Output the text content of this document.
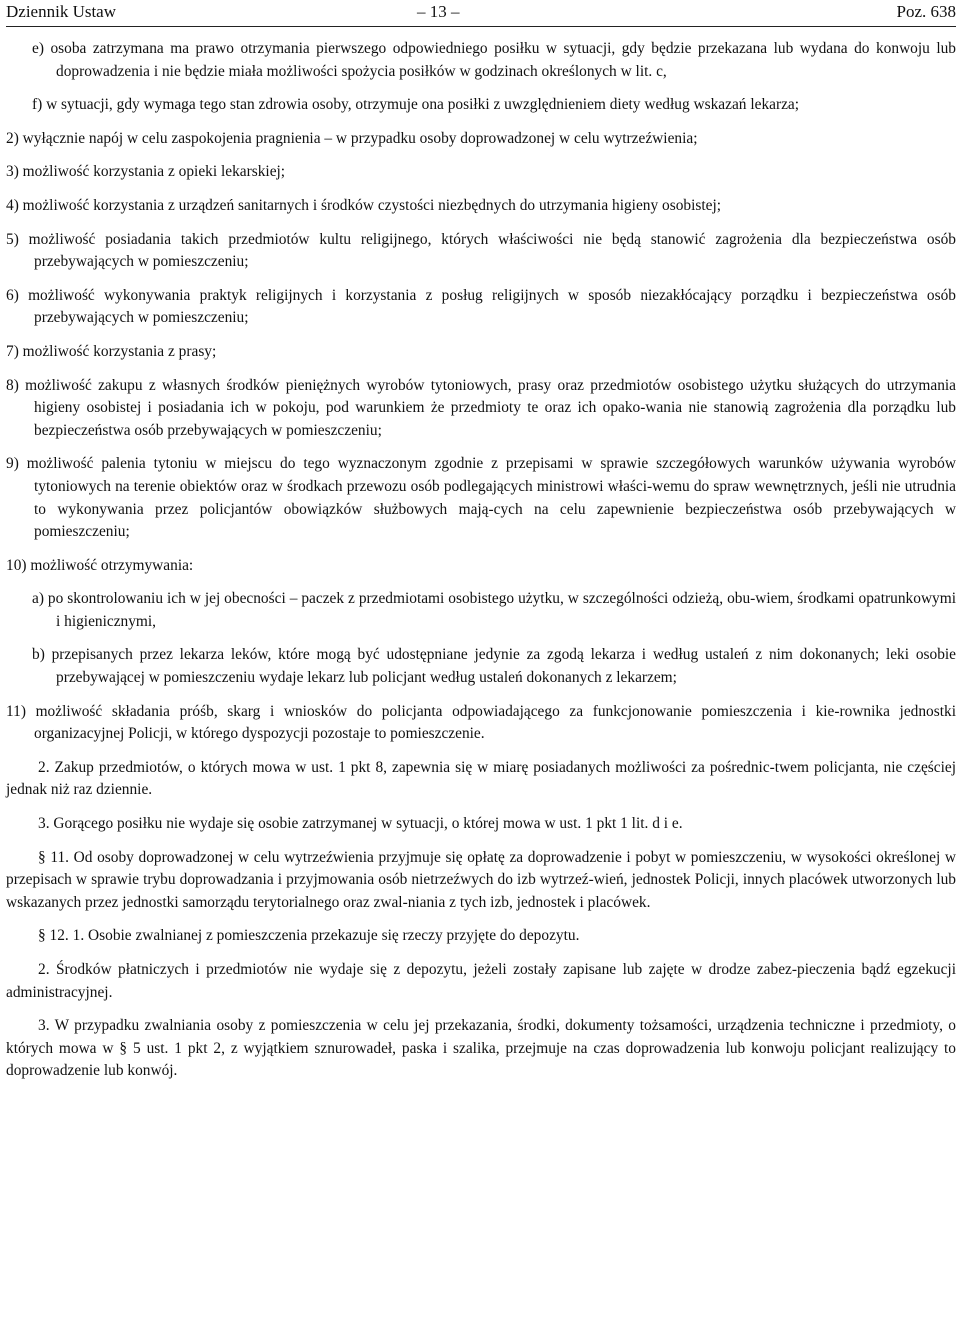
Dziennik Ustaw	– 13 –	Poz. 638

e) osoba zatrzymana ma prawo otrzymania pierwszego odpowiedniego posiłku w sytuacji, gdy będzie przekazana lub wydana do konwoju lub doprowadzenia i nie będzie miała możliwości spożycia posiłków w godzinach określonych w lit. c,

f) w sytuacji, gdy wymaga tego stan zdrowia osoby, otrzymuje ona posiłki z uwzględnieniem diety według wskazań lekarza;

2) wyłącznie napój w celu zaspokojenia pragnienia – w przypadku osoby doprowadzonej w celu wytrzeźwienia;

3) możliwość korzystania z opieki lekarskiej;

4) możliwość korzystania z urządzeń sanitarnych i środków czystości niezbędnych do utrzymania higieny osobistej;

5) możliwość posiadania takich przedmiotów kultu religijnego, których właściwości nie będą stanowić zagrożenia dla bezpieczeństwa osób przebywających w pomieszczeniu;

6) możliwość wykonywania praktyk religijnych i korzystania z posług religijnych w sposób niezakłócający porządku i bezpieczeństwa osób przebywających w pomieszczeniu;

7) możliwość korzystania z prasy;

8) możliwość zakupu z własnych środków pieniężnych wyrobów tytoniowych, prasy oraz przedmiotów osobistego użytku służących do utrzymania higieny osobistej i posiadania ich w pokoju, pod warunkiem że przedmioty te oraz ich opako-wania nie stanowią zagrożenia dla porządku lub bezpieczeństwa osób przebywających w pomieszczeniu;

9) możliwość palenia tytoniu w miejscu do tego wyznaczonym zgodnie z przepisami w sprawie szczegółowych warunków używania wyrobów tytoniowych na terenie obiektów oraz w środkach przewozu osób podlegających ministrowi właści-wemu do spraw wewnętrznych, jeśli nie utrudnia to wykonywania przez policjantów obowiązków służbowych mają-cych na celu zapewnienie bezpieczeństwa osób przebywających w pomieszczeniu;

10) możliwość otrzymywania:

a) po skontrolowaniu ich w jej obecności – paczek z przedmiotami osobistego użytku, w szczególności odzieżą, obu-wiem, środkami opatrunkowymi i higienicznymi,

b) przepisanych przez lekarza leków, które mogą być udostępniane jedynie za zgodą lekarza i według ustaleń z nim dokonanych; leki osobie przebywającej w pomieszczeniu wydaje lekarz lub policjant według ustaleń dokonanych z lekarzem;

11) możliwość składania próśb, skarg i wniosków do policjanta odpowiadającego za funkcjonowanie pomieszczenia i kie-rownika jednostki organizacyjnej Policji, w którego dyspozycji pozostaje to pomieszczenie.

2. Zakup przedmiotów, o których mowa w ust. 1 pkt 8, zapewnia się w miarę posiadanych możliwości za pośrednic-twem policjanta, nie częściej jednak niż raz dziennie.

3. Gorącego posiłku nie wydaje się osobie zatrzymanej w sytuacji, o której mowa w ust. 1 pkt 1 lit. d i e.

§ 11. Od osoby doprowadzonej w celu wytrzeźwienia przyjmuje się opłatę za doprowadzenie i pobyt w pomieszczeniu, w wysokości określonej w przepisach w sprawie trybu doprowadzania i przyjmowania osób nietrzeźwych do izb wytrzeź-wień, jednostek Policji, innych placówek utworzonych lub wskazanych przez jednostki samorządu terytorialnego oraz zwal-niania z tych izb, jednostek i placówek.

§ 12. 1. Osobie zwalnianej z pomieszczenia przekazuje się rzeczy przyjęte do depozytu.

2. Środków płatniczych i przedmiotów nie wydaje się z depozytu, jeżeli zostały zapisane lub zajęte w drodze zabez-pieczenia bądź egzekucji administracyjnej.

3. W przypadku zwalniania osoby z pomieszczenia w celu jej przekazania, środki, dokumenty tożsamości, urządzenia techniczne i przedmioty, o których mowa w § 5 ust. 1 pkt 2, z wyjątkiem sznurowadeł, paska i szalika, przejmuje na czas doprowadzenia lub konwoju policjant realizujący to doprowadzenie lub konwój.
